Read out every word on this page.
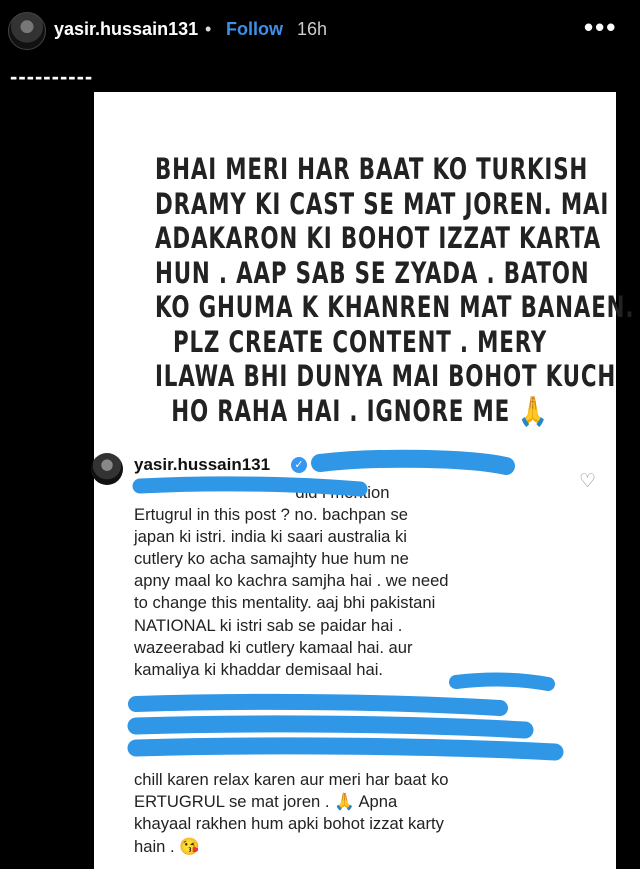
yasir.hussain131 • Follow 16h	•••
----------
BHAI MERI HAR BAAT KO TURKISH
DRAMY KI CAST SE MAT JOREN. MAI
ADAKARON KI BOHOT IZZAT KARTA
HUN . AAP SAB SE ZYADA . BATON
KO GHUMA K KHANREN MAT BANAEN.
PLZ CREATE CONTENT . MERY
ILAWA BHI DUNYA MAI BOHOT KUCH
HO RAHA HAI . IGNORE ME 🙏
yasir.hussain131	✓
♡

did i mention

Ertugrul in this post ? no. bachpan se

japan ki istri. india ki saari australia ki

cutlery ko acha samajhty hue hum ne

apny maal ko kachra samjha hai . we need

to change this mentality. aaj bhi pakistani

NATIONAL ki istri sab se paidar hai .

wazeerabad ki cutlery kamaal hai. aur

kamaliya ki khaddar demisaal hai.

chill karen relax karen aur meri har baat ko

ERTUGRUL se mat joren . 🙏 Apna

khayaal rakhen hum apki bohot izzat karty

hain . 😘
